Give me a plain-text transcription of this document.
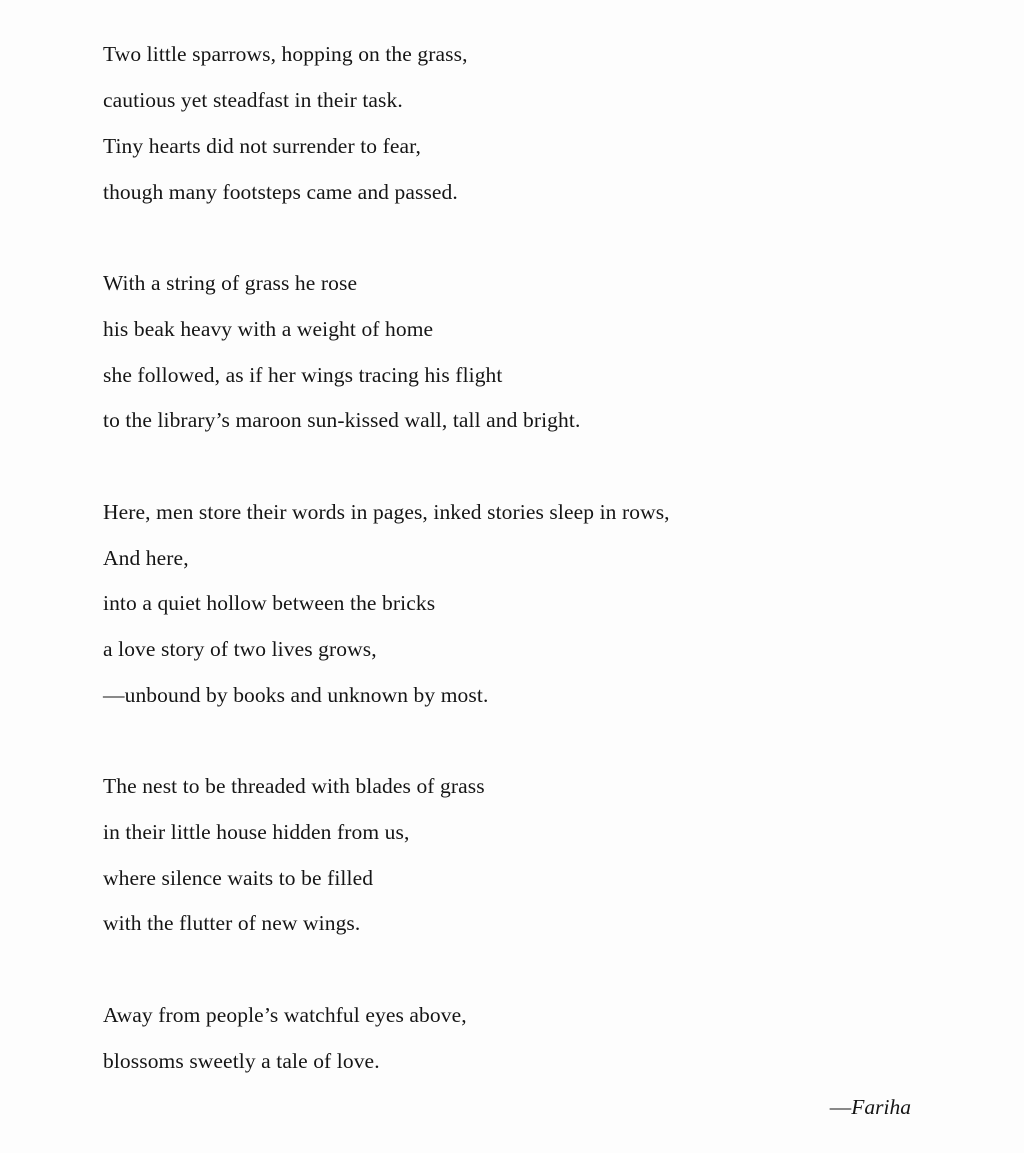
Two little sparrows, hopping on the grass,

cautious yet steadfast in their task.

Tiny hearts did not surrender to fear,

though many footsteps came and passed.

With a string of grass he rose

his beak heavy with a weight of home

she followed, as if her wings tracing his flight

to the library’s maroon sun-kissed wall, tall and bright.

Here, men store their words in pages, inked stories sleep in rows,

And here,

into a quiet hollow between the bricks

a love story of two lives grows,

—unbound by books and unknown by most.

The nest to be threaded with blades of grass

in their little house hidden from us,

where silence waits to be filled

with the flutter of new wings.

Away from people’s watchful eyes above,

blossoms sweetly a tale of love.

—Fariha
